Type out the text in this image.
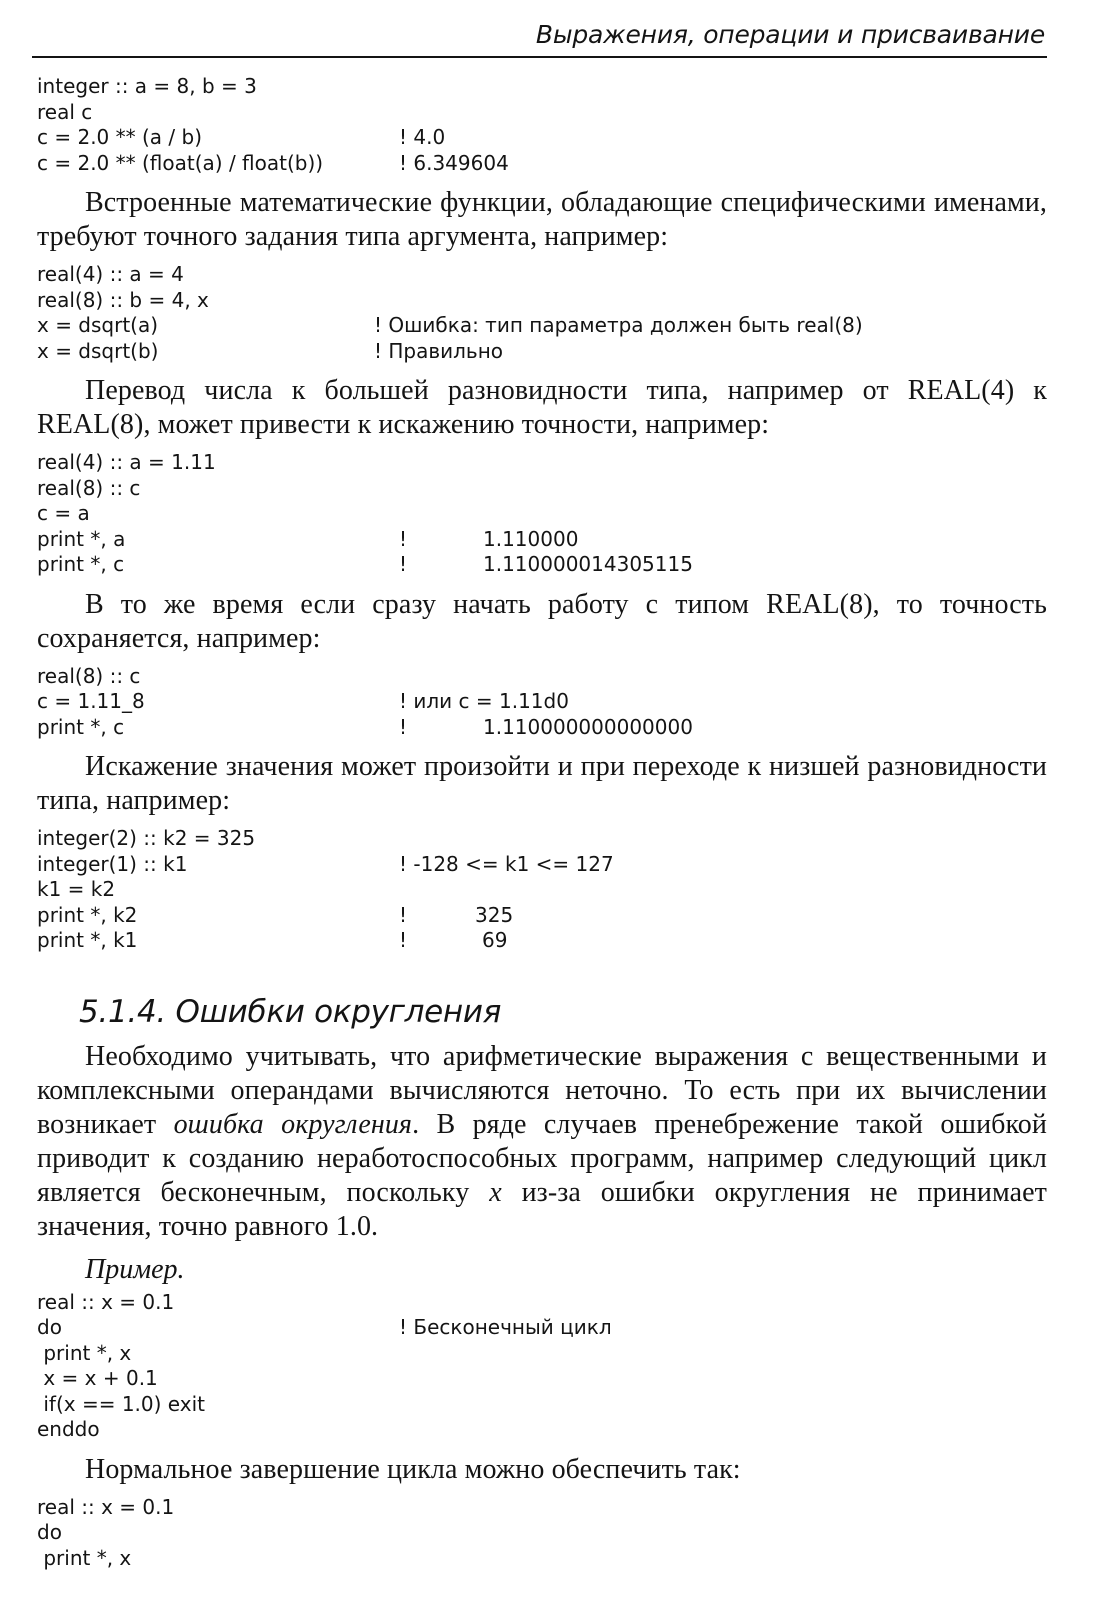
Выражения, операции и присваивание
integer :: a = 8, b = 3
real c
c = 2.0 ** (a / b)	! 4.0
c = 2.0 ** (float(a) / float(b))	! 6.349604

Встроенные математические функции, обладающие специфическими именами, требуют точного задания типа аргумента, например:

real(4) :: a = 4
real(8) :: b = 4, x
x = dsqrt(a)	! Ошибка: тип параметра должен быть real(8)
x = dsqrt(b)	! Правильно

Перевод числа к большей разновидности типа, например от REAL(4) к REAL(8), может привести к искажению точности, например:

real(4) :: a = 1.11
real(8) :: c
c = a
print *, a	!	1.110000
print *, c	!	1.110000014305115

В то же время если сразу начать работу с типом REAL(8), то точность сохраняется, например:

real(8) :: c
c = 1.11_8	! или c = 1.11d0
print *, c	!	1.110000000000000

Искажение значения может произойти и при переходе к низшей разновидности типа, например:

integer(2) :: k2 = 325
integer(1) :: k1	! -128 <= k1 <= 127
k1 = k2
print *, k2	!	325
print *, k1	!	69
5.1.4. Ошибки округления

Необходимо учитывать, что арифметические выражения с вещественными и комплексными операндами вычисляются неточно. То есть при их вычислении возникает ошибка округления. В ряде случаев пренебрежение такой ошибкой приводит к созданию неработоспособных программ, например следующий цикл является бесконечным, поскольку x из-за ошибки округления не принимает значения, точно равного 1.0.

Пример.
real :: x = 0.1
do	! Бесконечный цикл
print *, x
x = x + 0.1
if(x == 1.0) exit
enddo

Нормальное завершение цикла можно обеспечить так:

real :: x = 0.1
do
print *, x
